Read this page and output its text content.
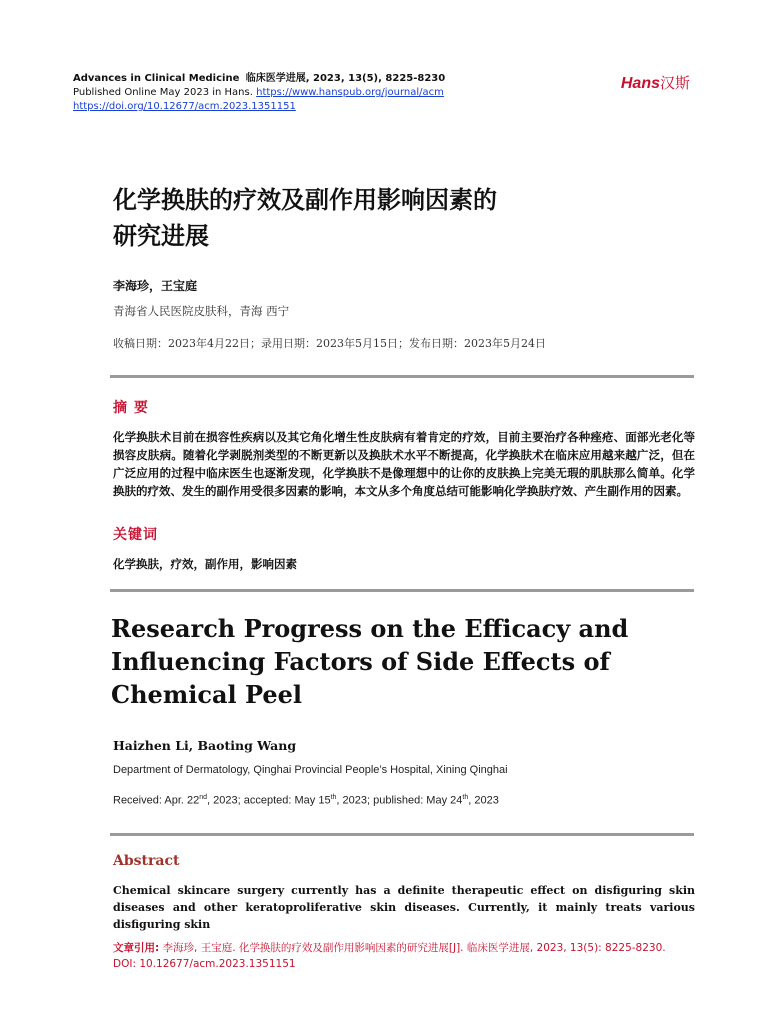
Advances in Clinical Medicine 临床医学进展, 2023, 13(5), 8225-8230
Published Online May 2023 in Hans. https://www.hanspub.org/journal/acm
https://doi.org/10.12677/acm.2023.1351151
Hans汉斯
化学换肤的疗效及副作用影响因素的
研究进展
李海珍，王宝庭
青海省人民医院皮肤科，青海 西宁
收稿日期：2023年4月22日；录用日期：2023年5月15日；发布日期：2023年5月24日
摘 要
化学换肤术目前在损容性疾病以及其它角化增生性皮肤病有着肯定的疗效，目前主要治疗各种痤疮、面部光老化等损容皮肤病。随着化学剥脱剂类型的不断更新以及换肤术水平不断提高，化学换肤术在临床应用越来越广泛，但在广泛应用的过程中临床医生也逐渐发现，化学换肤不是像理想中的让你的皮肤换上完美无瑕的肌肤那么简单。化学换肤的疗效、发生的副作用受很多因素的影响，本文从多个角度总结可能影响化学换肤疗效、产生副作用的因素。
关键词
化学换肤，疗效，副作用，影响因素
Research Progress on the Efficacy and
Influencing Factors of Side Effects of
Chemical Peel
Haizhen Li, Baoting Wang
Department of Dermatology, Qinghai Provincial People’s Hospital, Xining Qinghai
Received: Apr. 22nd, 2023; accepted: May 15th, 2023; published: May 24th, 2023
Abstract
Chemical skincare surgery currently has a definite therapeutic effect on disfiguring skin diseases and other keratoproliferative skin diseases. Currently, it mainly treats various disfiguring skin
文章引用: 李海珍, 王宝庭. 化学换肤的疗效及副作用影响因素的研究进展[J]. 临床医学进展, 2023, 13(5): 8225-8230.
DOI: 10.12677/acm.2023.1351151
